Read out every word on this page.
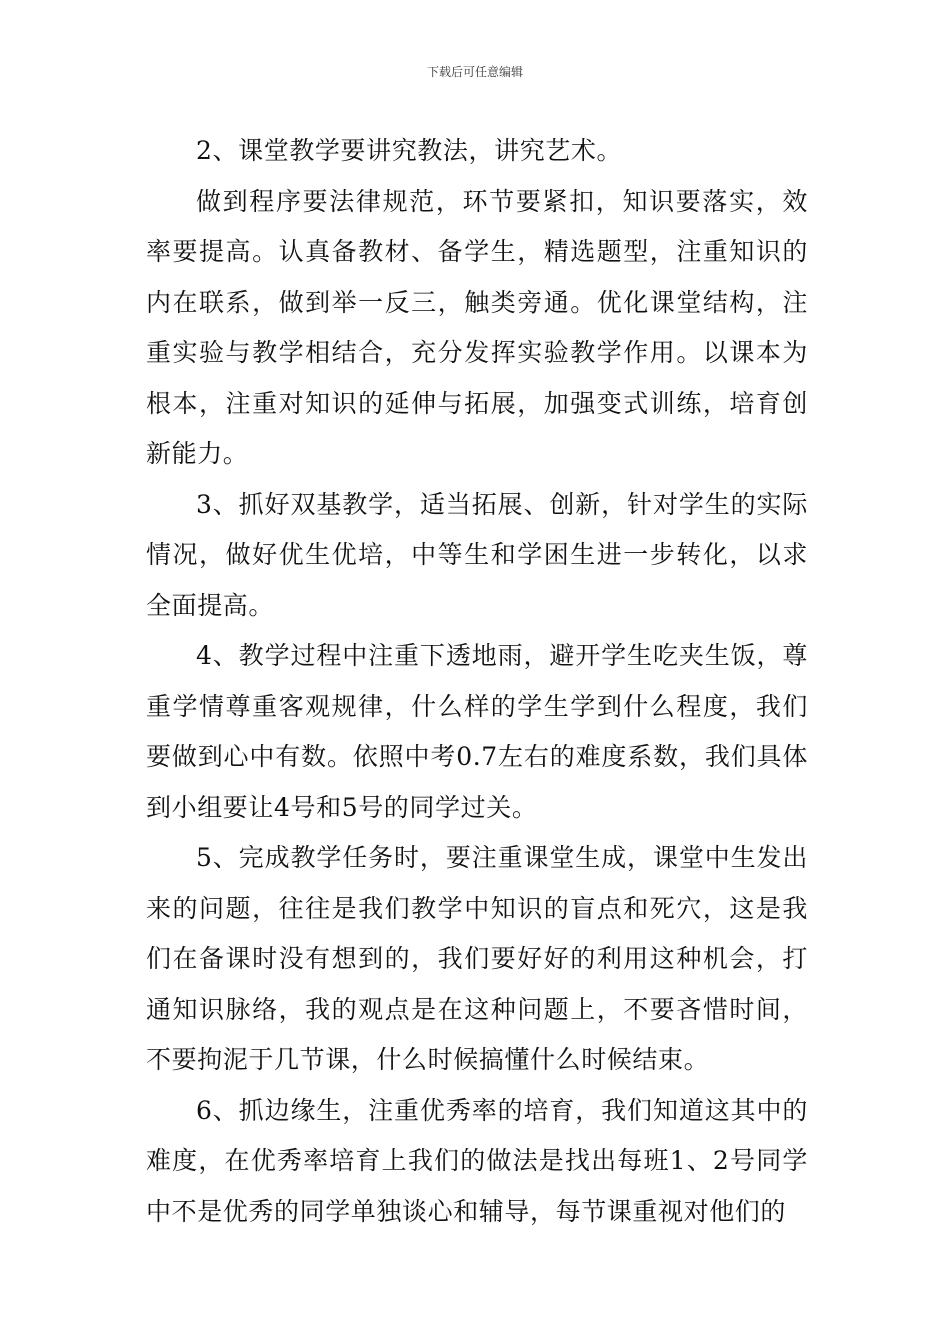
下载后可任意编辑

2、课堂教学要讲究教法，讲究艺术。

做到程序要法律规范，环节要紧扣，知识要落实，效率要提高。认真备教材、备学生，精选题型，注重知识的内在联系，做到举一反三，触类旁通。优化课堂结构，注重实验与教学相结合，充分发挥实验教学作用。以课本为根本，注重对知识的延伸与拓展，加强变式训练，培育创新能力。

3、抓好双基教学，适当拓展、创新，针对学生的实际情况，做好优生优培，中等生和学困生进一步转化，以求全面提高。

4、教学过程中注重下透地雨，避开学生吃夹生饭，尊重学情尊重客观规律，什么样的学生学到什么程度，我们要做到心中有数。依照中考0.7左右的难度系数，我们具体到小组要让4号和5号的同学过关。

5、完成教学任务时，要注重课堂生成，课堂中生发出来的问题，往往是我们教学中知识的盲点和死穴，这是我们在备课时没有想到的，我们要好好的利用这种机会，打通知识脉络，我的观点是在这种问题上，不要吝惜时间，不要拘泥于几节课，什么时候搞懂什么时候结束。

6、抓边缘生，注重优秀率的培育，我们知道这其中的难度，在优秀率培育上我们的做法是找出每班1、2号同学中不是优秀的同学单独谈心和辅导，每节课重视对他们的
